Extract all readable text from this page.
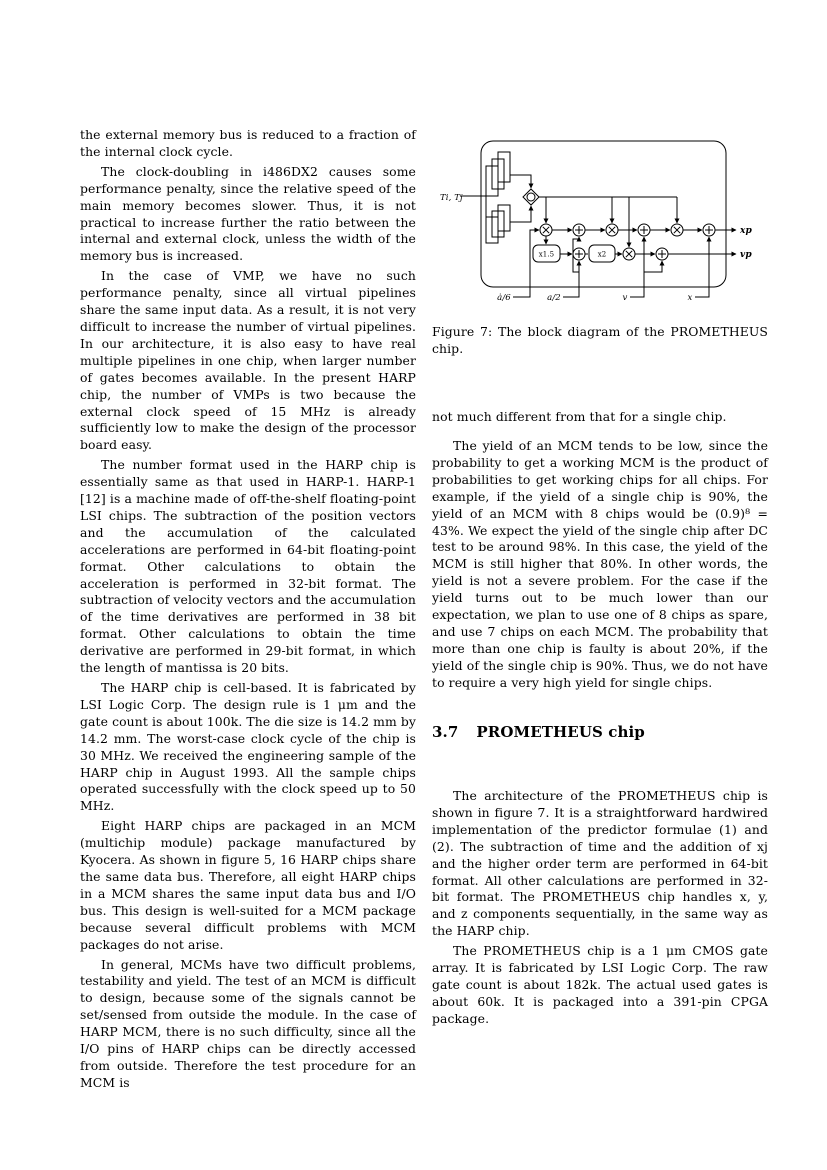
the external memory bus is reduced to a fraction of the internal clock cycle.

The clock-doubling in i486DX2 causes some performance penalty, since the relative speed of the main memory becomes slower. Thus, it is not practical to increase further the ratio between the internal and external clock, unless the width of the memory bus is increased.

In the case of VMP, we have no such performance penalty, since all virtual pipelines share the same input data. As a result, it is not very difficult to increase the number of virtual pipelines. In our architecture, it is also easy to have real multiple pipelines in one chip, when larger number of gates becomes available. In the present HARP chip, the number of VMPs is two because the external clock speed of 15 MHz is already sufficiently low to make the design of the processor board easy.

The number format used in the HARP chip is essentially same as that used in HARP-1. HARP-1 [12] is a machine made of off-the-shelf floating-point LSI chips. The subtraction of the position vectors and the accumulation of the calculated accelerations are performed in 64-bit floating-point format. Other calculations to obtain the acceleration is performed in 32-bit format. The subtraction of velocity vectors and the accumulation of the time derivatives are performed in 38 bit format. Other calculations to obtain the time derivative are performed in 29-bit format, in which the length of mantissa is 20 bits.

The HARP chip is cell-based. It is fabricated by LSI Logic Corp. The design rule is 1 μm and the gate count is about 100k. The die size is 14.2 mm by 14.2 mm. The worst-case clock cycle of the chip is 30 MHz. We received the engineering sample of the HARP chip in August 1993. All the sample chips operated successfully with the clock speed up to 50 MHz.

Eight HARP chips are packaged in an MCM (multichip module) package manufactured by Kyocera. As shown in figure 5, 16 HARP chips share the same data bus. Therefore, all eight HARP chips in a MCM shares the same input data bus and I/O bus. This design is well-suited for a MCM package because several difficult problems with MCM packages do not arise.

In general, MCMs have two difficult problems, testability and yield. The test of an MCM is difficult to design, because some of the signals cannot be set/sensed from outside the module. In the case of HARP MCM, there is no such difficulty, since all the I/O pins of HARP chips can be directly accessed from outside. Therefore the test procedure for an MCM is

Ti, Tj
xp
x1.5	x2	vp
ȧ/6	a/2	v	x
Figure 7: The block diagram of the PROMETHEUS chip.

not much different from that for a single chip.

The yield of an MCM tends to be low, since the probability to get a working MCM is the product of probabilities to get working chips for all chips. For example, if the yield of a single chip is 90%, the yield of an MCM with 8 chips would be (0.9)⁸ = 43%. We expect the yield of the single chip after DC test to be around 98%. In this case, the yield of the MCM is still higher that 80%. In other words, the yield is not a severe problem. For the case if the yield turns out to be much lower than our expectation, we plan to use one of 8 chips as spare, and use 7 chips on each MCM. The probability that more than one chip is faulty is about 20%, if the yield of the single chip is 90%. Thus, we do not have to require a very high yield for single chips.

3.7 PROMETHEUS chip

The architecture of the PROMETHEUS chip is shown in figure 7. It is a straightforward hardwired implementation of the predictor formulae (1) and (2). The subtraction of time and the addition of xj and the higher order term are performed in 64-bit format. All other calculations are performed in 32-bit format. The PROMETHEUS chip handles x, y, and z components sequentially, in the same way as the HARP chip.

The PROMETHEUS chip is a 1 μm CMOS gate array. It is fabricated by LSI Logic Corp. The raw gate count is about 182k. The actual used gates is about 60k. It is packaged into a 391-pin CPGA package.
